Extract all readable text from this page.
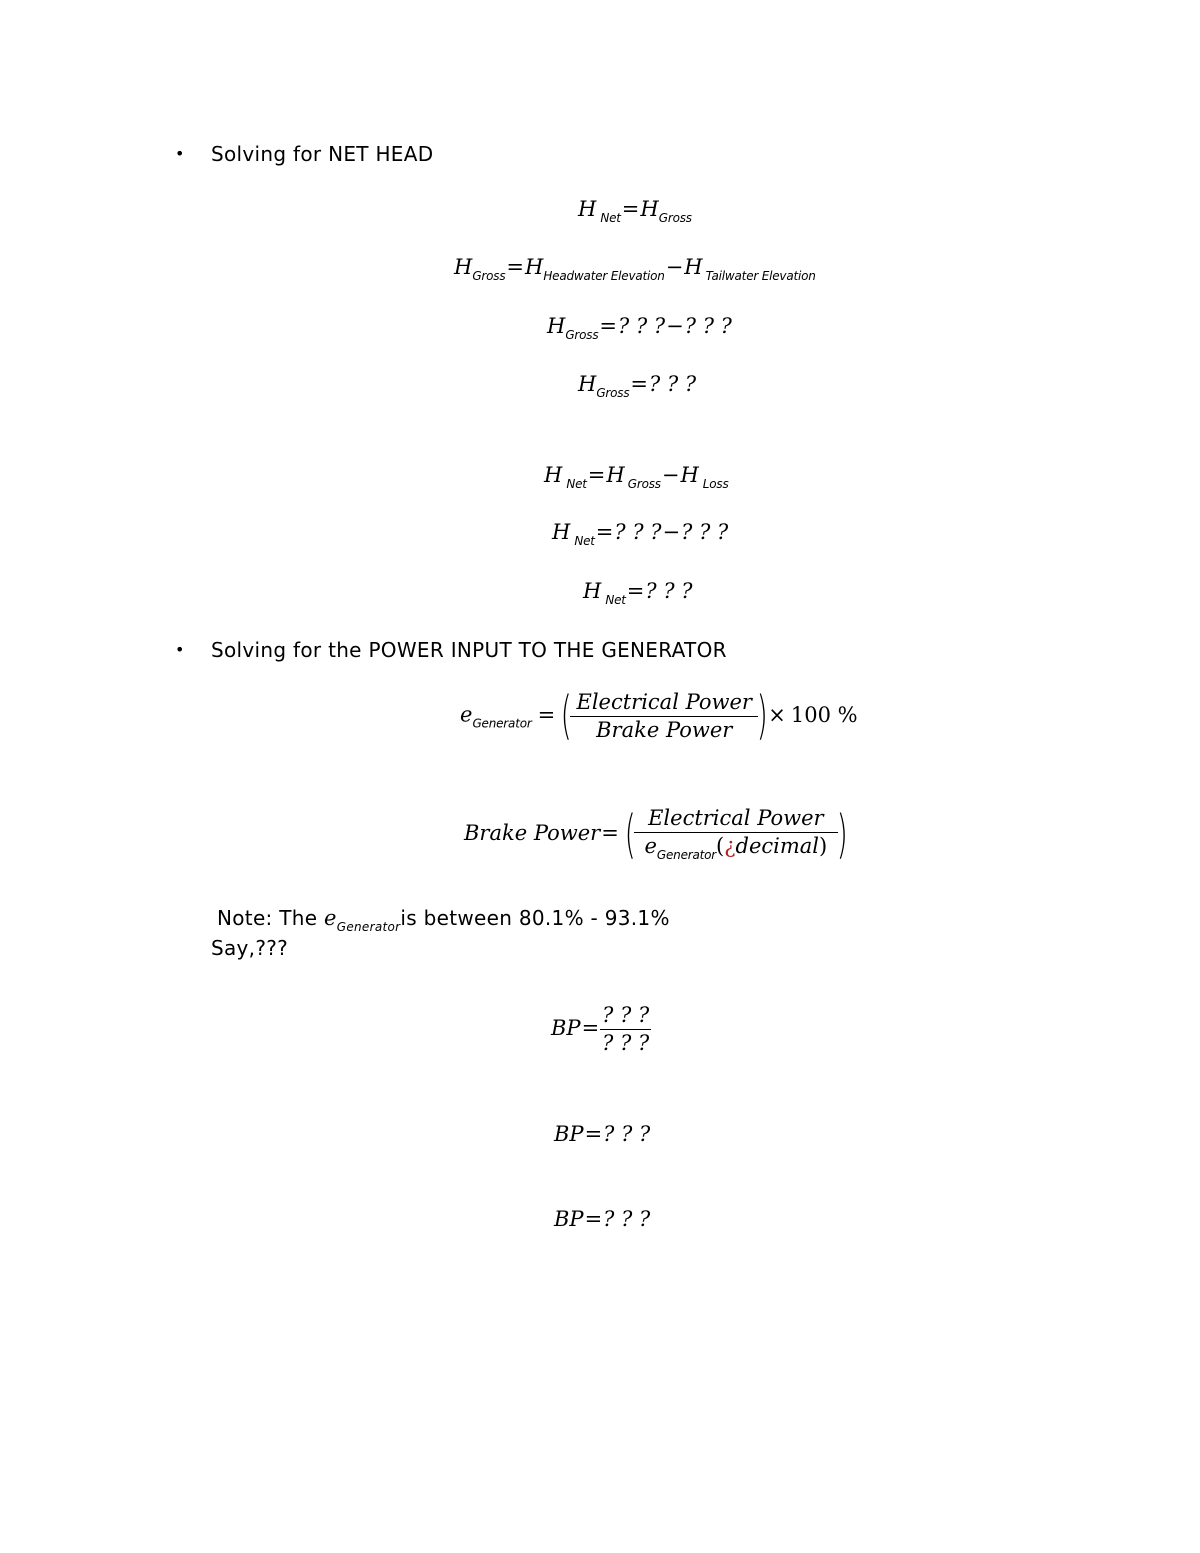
• Solving for NET HEAD
H $_{Net}=H_{Gross}$
$H_{Gross}=H_{Headwater Elevation}-H$ $_{Tailwater Elevation}$
$H_{Gross}=$? ? ?−? ? ?
$H_{Gross}=$? ? ?
H $_{Net}$=H $_{Gross}$−H $_{Loss}$
H $_{Net}$=? ? ?−? ? ?
H $_{Net}$=? ? ?
• Solving for the POWER INPUT TO THE GENERATOR
$e_{Generator}$ = (
$\frac{\text{Electrical Power}}{\text{Brake Power}}$
)× 100 %
Brake Power= (
$\frac{\text{Electrical Power}}{e_{Generator}(¿decimal)}$
)
Note: The $e_{Generator}is$ between 80.1% - 93.1%
Say,???
$BP= \frac{? ? ?}{? ? ?}$
BP=? ? ?
BP=? ? ?
